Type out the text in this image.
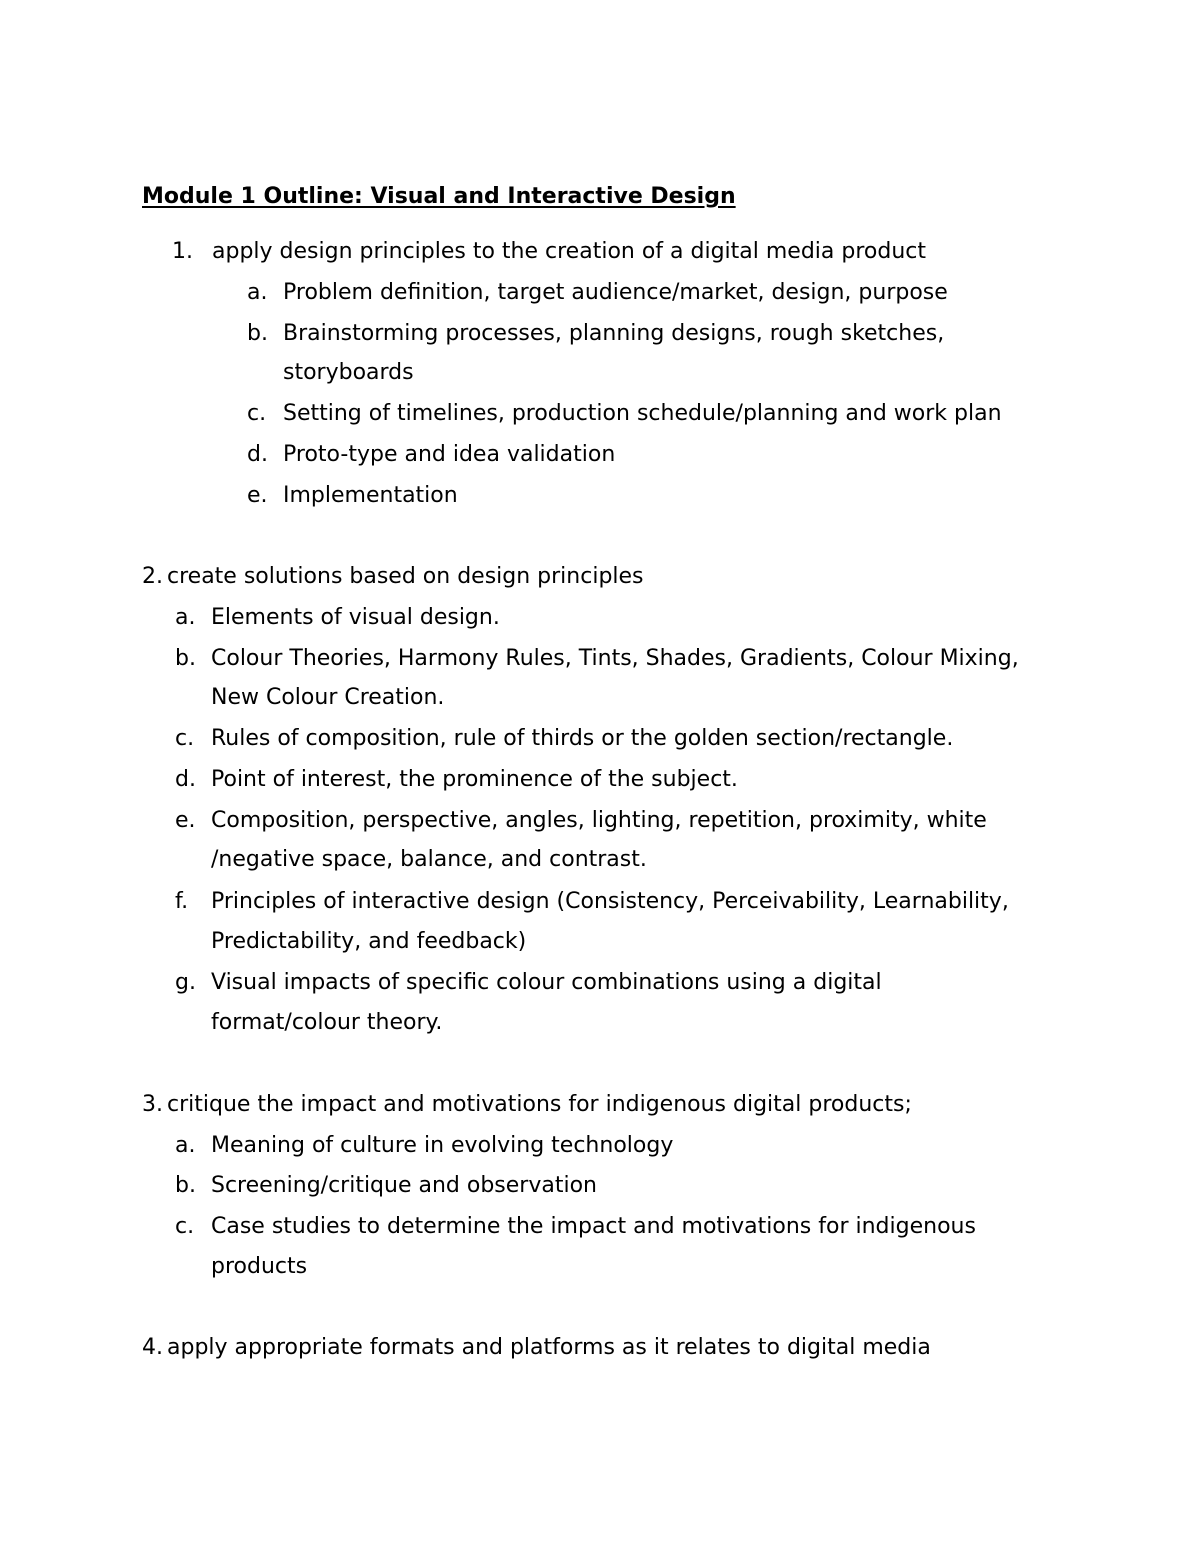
Module 1 Outline: Visual and Interactive Design
1. apply design principles to the creation of a digital media product
a. Problem definition, target audience/market, design, purpose
b. Brainstorming processes, planning designs, rough sketches,
storyboards
c. Setting of timelines, production schedule/planning and work plan
d. Proto-type and idea validation
e. Implementation
2. create solutions based on design principles
a. Elements of visual design.
b. Colour Theories, Harmony Rules, Tints, Shades, Gradients, Colour Mixing,
New Colour Creation.
c. Rules of composition, rule of thirds or the golden section/rectangle.
d. Point of interest, the prominence of the subject.
e. Composition, perspective, angles, lighting, repetition, proximity, white
/negative space, balance, and contrast.
f. Principles of interactive design (Consistency, Perceivability, Learnability,
Predictability, and feedback)
g. Visual impacts of specific colour combinations using a digital
format/colour theory.
3. critique the impact and motivations for indigenous digital products;
a. Meaning of culture in evolving technology
b. Screening/critique and observation
c. Case studies to determine the impact and motivations for indigenous
products
4. apply appropriate formats and platforms as it relates to digital media
